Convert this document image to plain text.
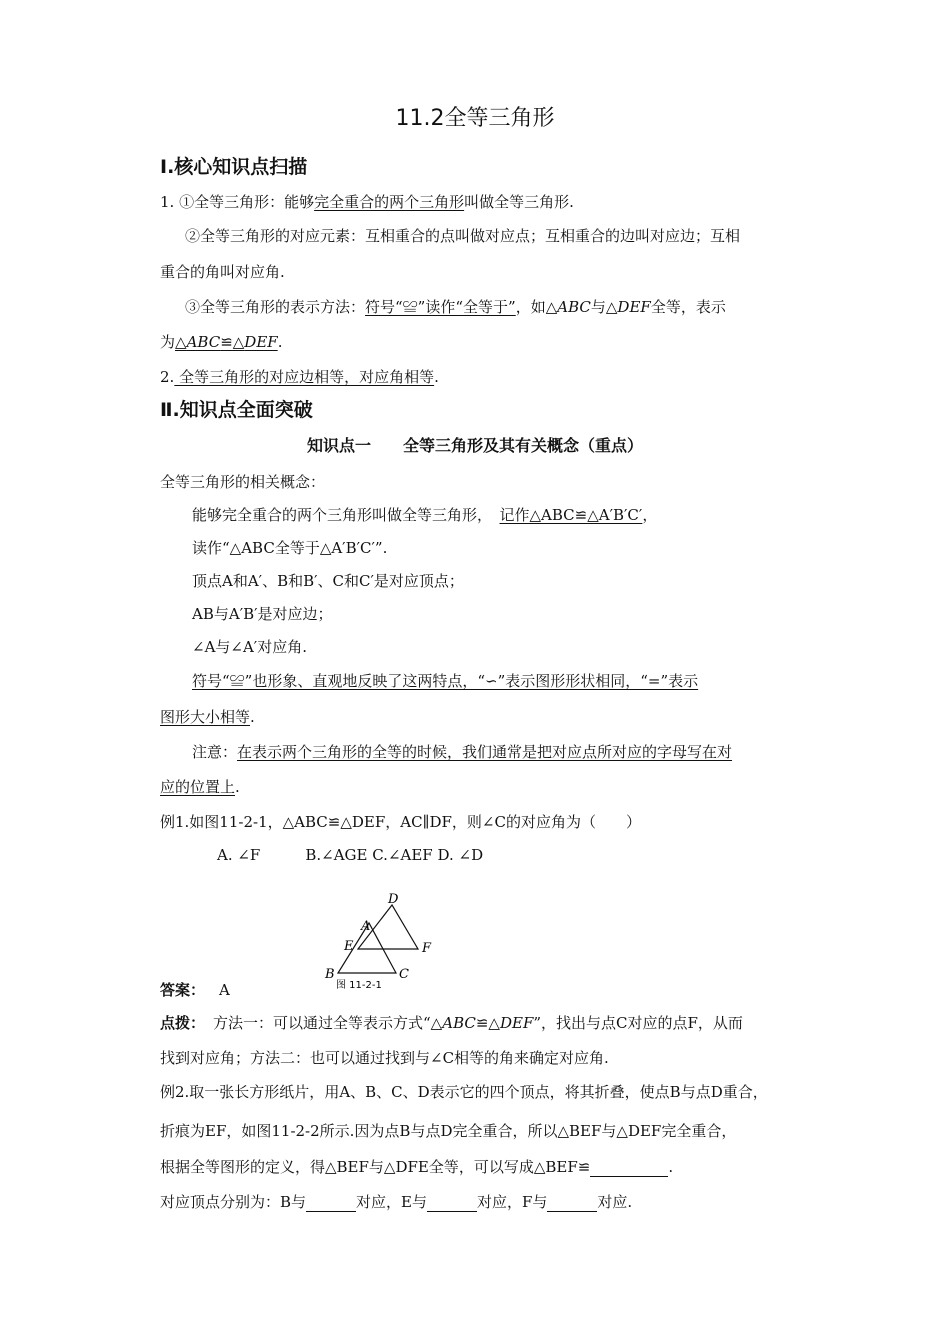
11.2全等三角形
Ⅰ.核心知识点扫描
1. ①全等三角形：能够完全重合的两个三角形叫做全等三角形.
②全等三角形的对应元素：互相重合的点叫做对应点；互相重合的边叫对应边；互相
重合的角叫对应角.
③全等三角形的表示方法：符号“≌”读作“全等于”，如△ABC与△DEF全等，表示
为△ABC≌△DEF.
2. 全等三角形的对应边相等，对应角相等.
Ⅱ.知识点全面突破
知识点一　　全等三角形及其有关概念（重点）
全等三角形的相关概念：
能够完全重合的两个三角形叫做全等三角形，　记作△ABC≌△A′B′C′，
读作“△ABC全等于△A′B′C′”.
顶点A和A′、B和B′、C和C′是对应顶点；
AB与A′B′是对应边；
∠A与∠A′对应角.
符号“≌”也形象、直观地反映了这两特点，“∽”表示图形形状相同，“=”表示
图形大小相等.
注意：在表示两个三角形的全等的时候，我们通常是把对应点所对应的字母写在对
应的位置上.
例1.如图11-2-1，△ABC≌△DEF，AC∥DF，则∠C的对应角为（　　）
A. ∠F　　　B.∠AGE C.∠AEF D. ∠D
D
A
E	F
B	C
图 11-2-1
答案： A
点拨： 方法一：可以通过全等表示方式“△ABC≌△DEF”，找出与点C对应的点F，从而
找到对应角；方法二：也可以通过找到与∠C相等的角来确定对应角.
例2.取一张长方形纸片，用A、B、C、D表示它的四个顶点，将其折叠，使点B与点D重合，
折痕为EF，如图11-2-2所示.因为点B与点D完全重合，所以△BEF与△DEF完全重合，
根据全等图形的定义，得△BEF与△DFE全等，可以写成△BEF≌	.
对应顶点分别为：B与	对应，E与	对应，F与	对应.
